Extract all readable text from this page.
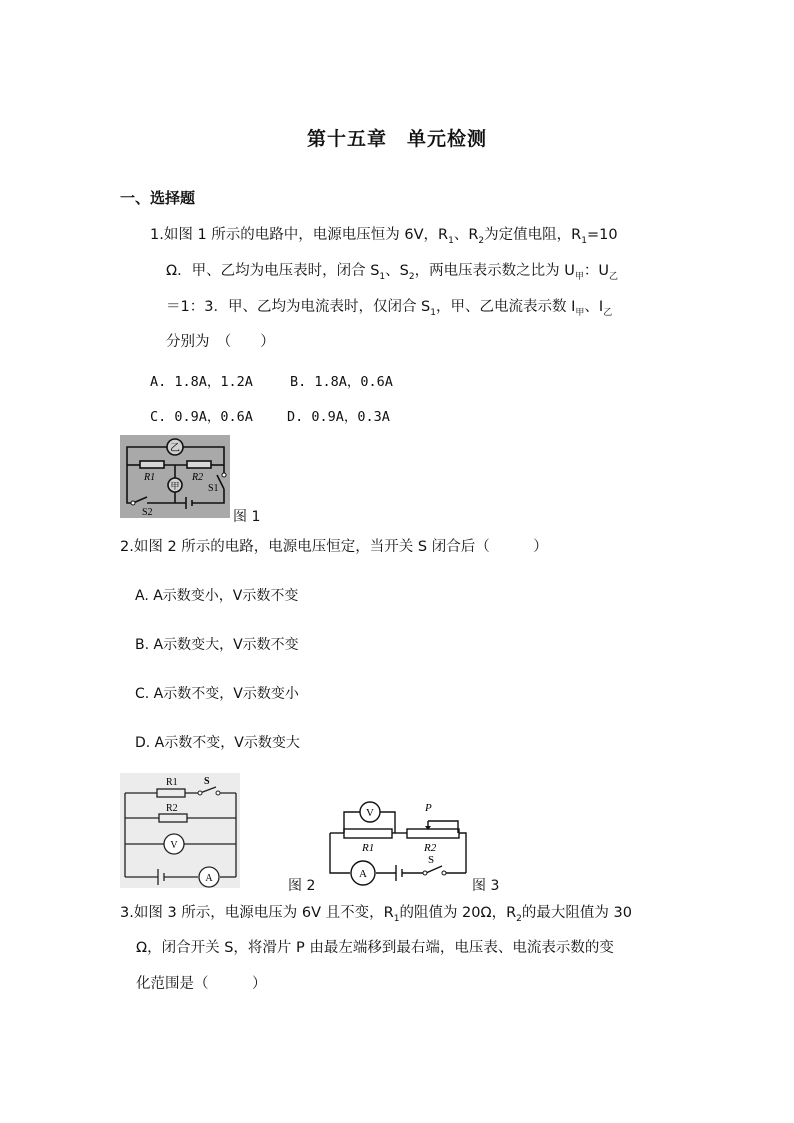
第十五章　单元检测
一、选择题
1.如图 1 所示的电路中，电源电压恒为 6V，$R_1$、$R_2$为定值电阻，$R_1=10$
Ω．甲、乙均为电压表时，闭合 $S_1$、$S_2$，两电压表示数之比为 $U_甲$：$U_乙$
＝1：3．甲、乙均为电流表时，仅闭合 $S_1$，甲、乙电流表示数 $I_甲$、$I_乙$
分别为　（　　）
A. 1.8A，1.2A	B. 1.8A，0.6A
C. 0.9A，0.6A	D. 0.9A，0.3A
乙
甲
R1	R2
S1
S2	图 1
2.如图 2 所示的电路，电源电压恒定，当开关 S 闭合后（　　　）
A. A示数变小，V示数不变
B. A示数变大，V示数不变
C. A示数不变，V示数变小
D. A示数不变，V示数变大
R1	S
R2
V
A	图 2
V
A
P
R1	R2
S
图 3
3.如图 3 所示，电源电压为 6V 且不变，$R_1$的阻值为 20Ω，$R_2$的最大阻值为 30
Ω，闭合开关 S，将滑片 P 由最左端移到最右端，电压表、电流表示数的变
化范围是（　　　）
